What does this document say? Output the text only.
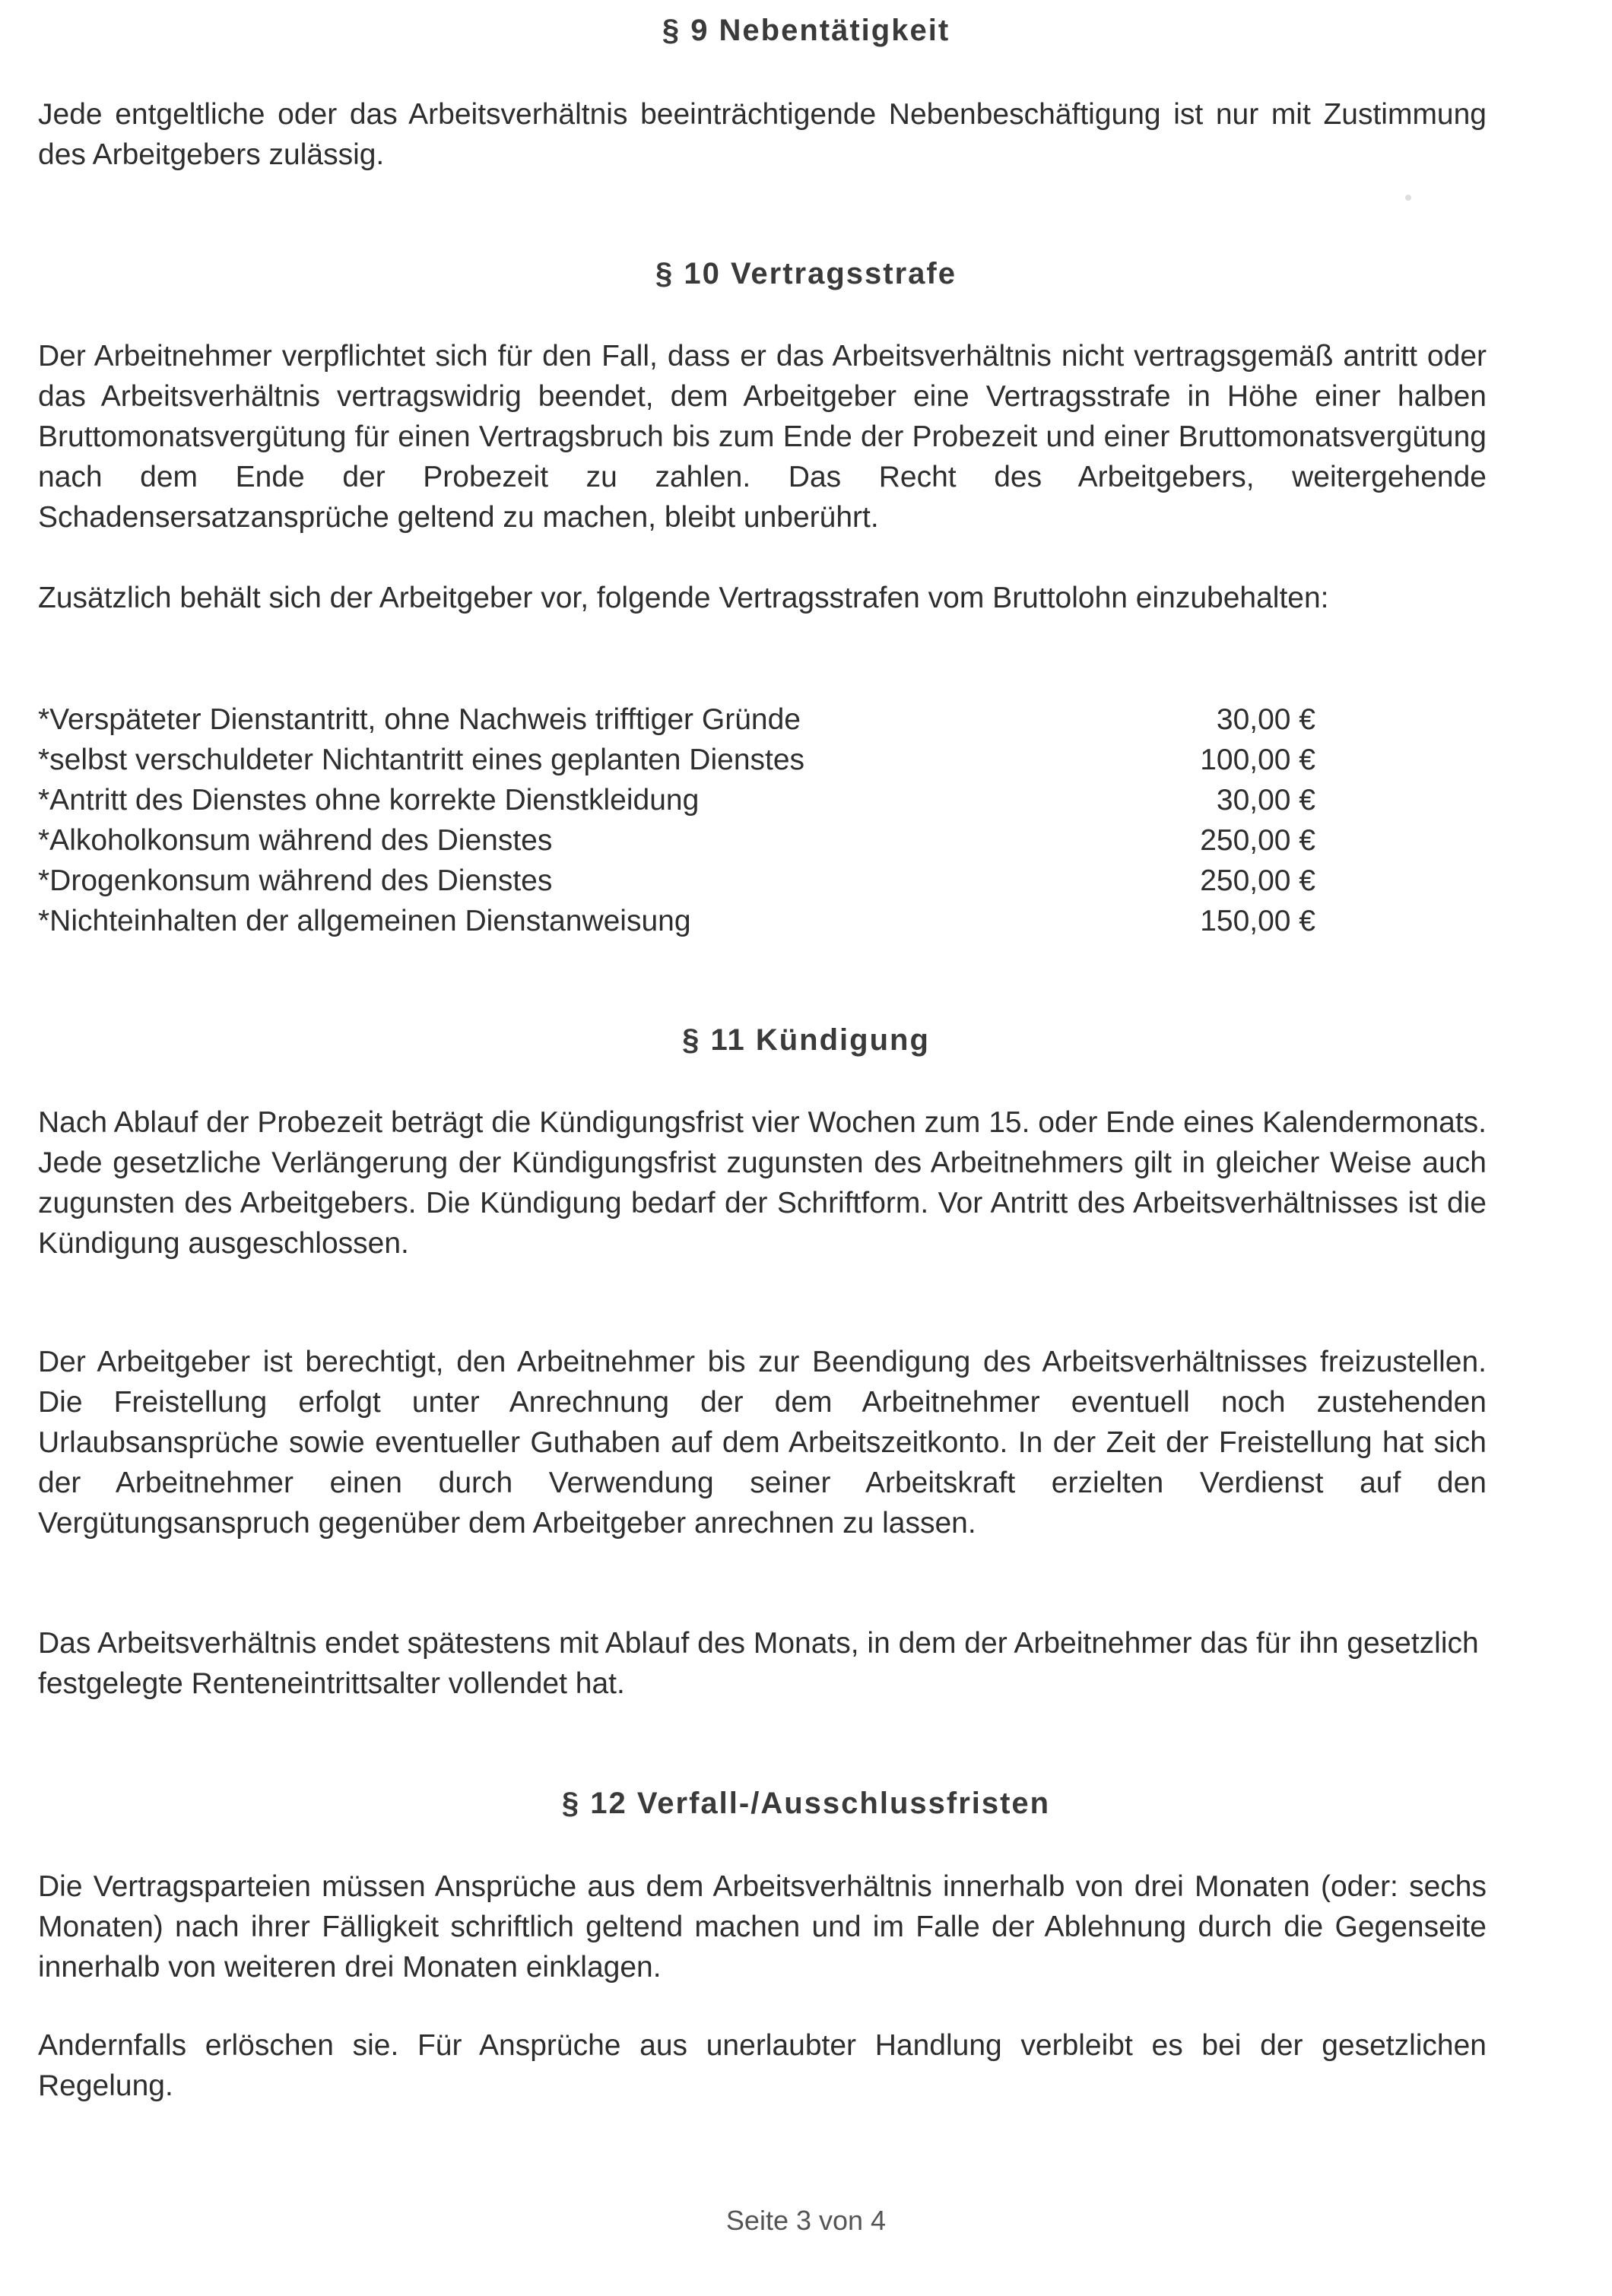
§ 9 Nebentätigkeit

Jede entgeltliche oder das Arbeitsverhältnis beeinträchtigende Nebenbeschäftigung ist nur mit Zustimmung des Arbeitgebers zulässig.

§ 10 Vertragsstrafe

Der Arbeitnehmer verpflichtet sich für den Fall, dass er das Arbeitsverhältnis nicht vertragsgemäß antritt oder das Arbeitsverhältnis vertragswidrig beendet, dem Arbeitgeber eine Vertragsstrafe in Höhe einer halben Bruttomonatsvergütung für einen Vertragsbruch bis zum Ende der Probezeit und einer Bruttomonatsvergütung nach dem Ende der Probezeit zu zahlen. Das Recht des Arbeitgebers, weitergehende Schadensersatzansprüche geltend zu machen, bleibt unberührt.

Zusätzlich behält sich der Arbeitgeber vor, folgende Vertragsstrafen vom Bruttolohn einzubehalten:

*Verspäteter Dienstantritt, ohne Nachweis trifftiger Gründe	30,00 €
*selbst verschuldeter Nichtantritt eines geplanten Dienstes	100,00 €
*Antritt des Dienstes ohne korrekte Dienstkleidung	30,00 €
*Alkoholkonsum während des Dienstes	250,00 €
*Drogenkonsum während des Dienstes	250,00 €
*Nichteinhalten der allgemeinen Dienstanweisung	150,00 €
§ 11 Kündigung

Nach Ablauf der Probezeit beträgt die Kündigungsfrist vier Wochen zum 15. oder Ende eines Kalendermonats. Jede gesetzliche Verlängerung der Kündigungsfrist zugunsten des Arbeitnehmers gilt in gleicher Weise auch zugunsten des Arbeitgebers. Die Kündigung bedarf der Schriftform. Vor Antritt des Arbeitsverhältnisses ist die Kündigung ausgeschlossen.

Der Arbeitgeber ist berechtigt, den Arbeitnehmer bis zur Beendigung des Arbeitsverhältnisses freizustellen. Die Freistellung erfolgt unter Anrechnung der dem Arbeitnehmer eventuell noch zustehenden Urlaubsansprüche sowie eventueller Guthaben auf dem Arbeitszeitkonto. In der Zeit der Freistellung hat sich der Arbeitnehmer einen durch Verwendung seiner Arbeitskraft erzielten Verdienst auf den Vergütungsanspruch gegenüber dem Arbeitgeber anrechnen zu lassen.

Das Arbeitsverhältnis endet spätestens mit Ablauf des Monats, in dem der Arbeitnehmer das für ihn gesetzlich festgelegte Renteneintrittsalter vollendet hat.

§ 12 Verfall-/Ausschlussfristen

Die Vertragsparteien müssen Ansprüche aus dem Arbeitsverhältnis innerhalb von drei Monaten (oder: sechs Monaten) nach ihrer Fälligkeit schriftlich geltend machen und im Falle der Ablehnung durch die Gegenseite innerhalb von weiteren drei Monaten einklagen.

Andernfalls erlöschen sie. Für Ansprüche aus unerlaubter Handlung verbleibt es bei der gesetzlichen Regelung.

Seite 3 von 4
